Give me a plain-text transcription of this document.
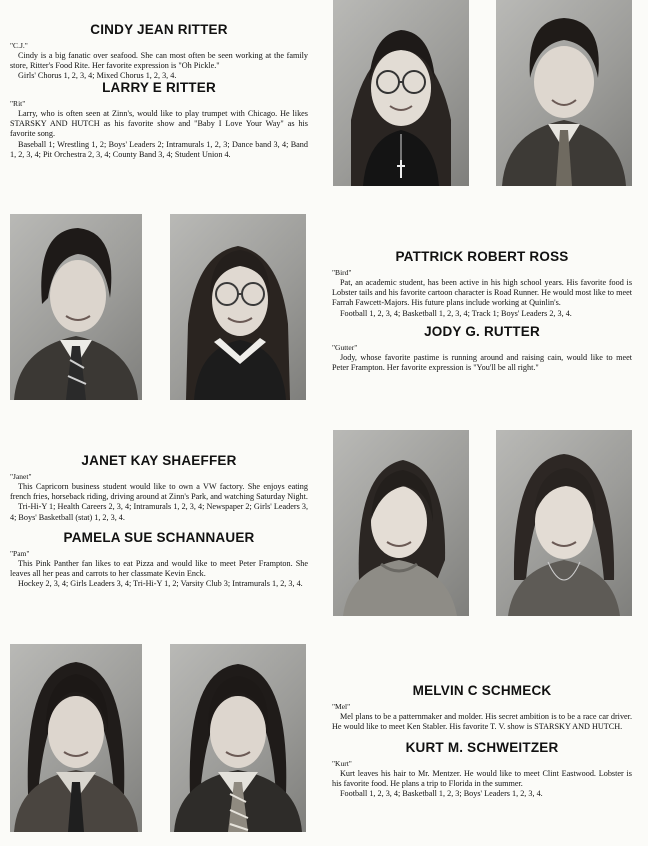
CINDY JEAN RITTER
"C.J."

Cindy is a big fanatic over seafood. She can most often be seen working at the family store, Ritter's Food Rite. Her favorite expression is "Oh Pickle."

Girls' Chorus 1, 2, 3, 4; Mixed Chorus 1, 2, 3, 4.

LARRY E RITTER
"Rit"

Larry, who is often seen at Zinn's, would like to play trumpet with Chicago. He likes STARSKY AND HUTCH as his favorite show and "Baby I Love Your Way" as his favorite song.

Baseball 1; Wrestling 1, 2; Boys' Leaders 2; Intramurals 1, 2, 3; Dance band 3, 4; Band 1, 2, 3, 4; Pit Orchestra 2, 3, 4; County Band 3, 4; Student Union 4.

PATTRICK ROBERT ROSS
"Bird"

Pat, an academic student, has been active in his high school years. His favorite food is Lobster tails and his favorite cartoon character is Road Runner. He would most like to meet Farrah Fawcett-Majors. His future plans include working at Quinlin's.

Football 1, 2, 3, 4; Basketball 1, 2, 3, 4; Track 1; Boys' Leaders 2, 3, 4.

JODY G. RUTTER
"Gutter"

Jody, whose favorite pastime is running around and raising cain, would like to meet Peter Frampton. Her favorite expression is "You'll be all right."

JANET KAY SHAEFFER
"Janet"

This Capricorn business student would like to own a VW factory. She enjoys eating french fries, horseback riding, driving around at Zinn's Park, and watching Saturday Night.

Tri-Hi-Y 1; Health Careers 2, 3, 4; Intramurals 1, 2, 3, 4; Newspaper 2; Girls' Leaders 3, 4; Boys' Basketball (stat) 1, 2, 3, 4.

PAMELA SUE SCHANNAUER
"Pam"

This Pink Panther fan likes to eat Pizza and would like to meet Peter Frampton. She leaves all her peas and carrots to her classmate Kevin Enck.

Hockey 2, 3, 4; Girls Leaders 3, 4; Tri-Hi-Y 1, 2; Varsity Club 3; Intramurals 1, 2, 3, 4.

MELVIN C SCHMECK
"Mel"

Mel plans to be a patternmaker and molder. His secret ambition is to be a race car driver. He would like to meet Ken Stabler. His favorite T. V. show is STARSKY AND HUTCH.

KURT M. SCHWEITZER
"Kurt"

Kurt leaves his hair to Mr. Mentzer. He would like to meet Clint Eastwood. Lobster is his favorite food. He plans a trip to Florida in the summer.

Football 1, 2, 3, 4; Basketball 1, 2, 3; Boys' Leaders 1, 2, 3, 4.
